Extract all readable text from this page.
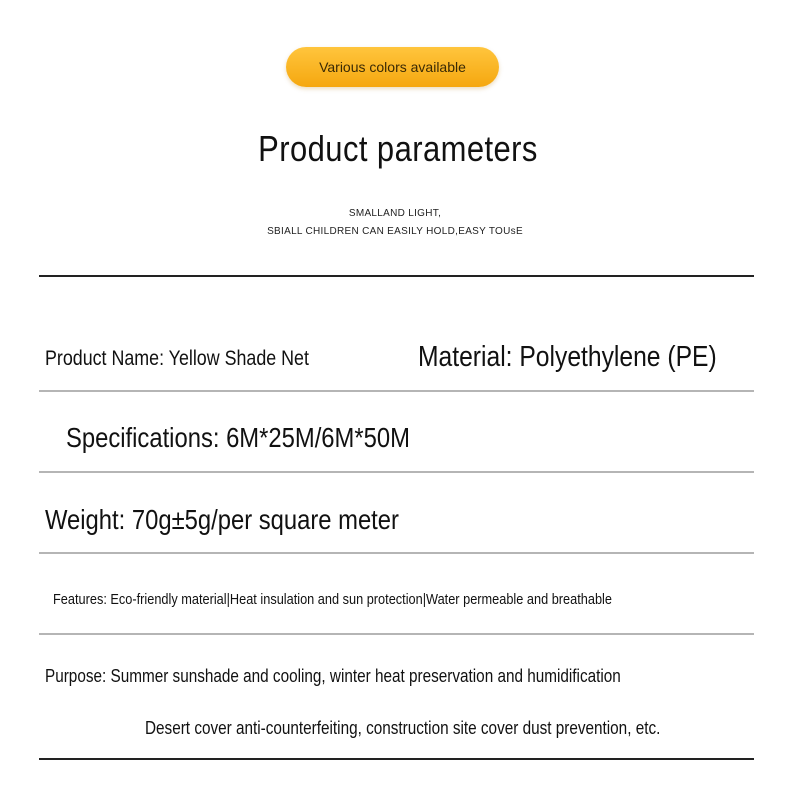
Various colors available
Product parameters
SMALLAND LIGHT,
SBIALL CHILDREN CAN EASILY HOLD,EASY TOUsE
Product Name: Yellow Shade Net	Material: Polyethylene (PE)
Specifications: 6M*25M/6M*50M
Weight: 70g±5g/per square meter
Features: Eco-friendly material|Heat insulation and sun protection|Water permeable and breathable
Purpose: Summer sunshade and cooling, winter heat preservation and humidification
Desert cover anti-counterfeiting, construction site cover dust prevention, etc.
